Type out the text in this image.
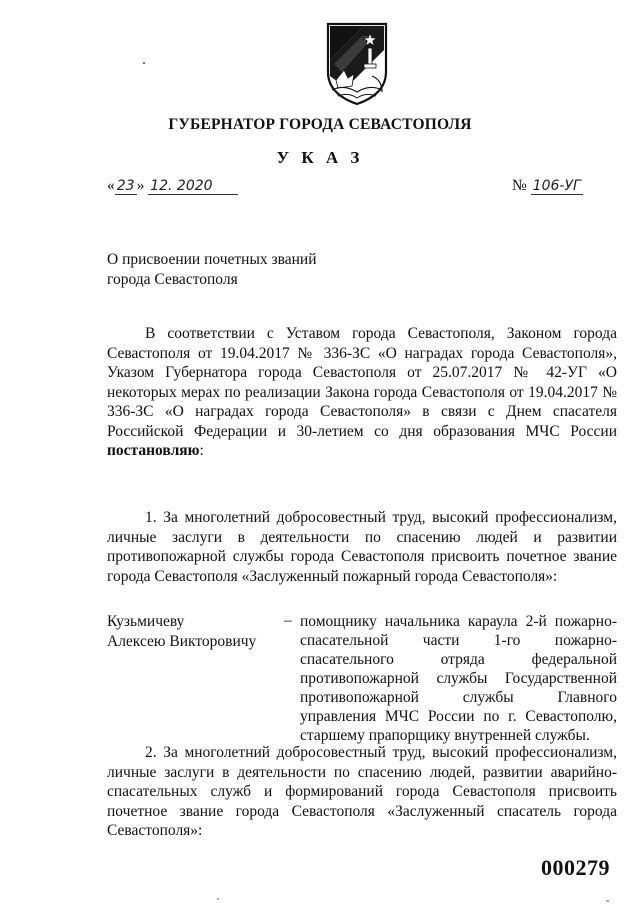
ГУБЕРНАТОР ГОРОДА СЕВАСТОПОЛЯ
У К А З
« 23 » 12. 2020	№ 106-УГ
О присвоении почетных званий
города Севастополя
В соответствии с Уставом города Севастополя, Законом города Севастополя от 19.04.2017 № 336-ЗС «О наградах города Севастополя», Указом Губернатора города Севастополя от 25.07.2017 № 42-УГ «О некоторых мерах по реализации Закона города Севастополя от 19.04.2017 № 336-ЗС «О наградах города Севастополя» в связи с Днем спасателя Российской Федерации и 30-летием со дня образования МЧС России постановляю:
1. За многолетний добросовестный труд, высокий профессионализм, личные заслуги в деятельности по спасению людей и развитии противопожарной службы города Севастополя присвоить почетное звание города Севастополя «Заслуженный пожарный города Севастополя»:
Кузьмичеву
Алексею Викторовичу
– помощнику начальника караула 2-й пожарно-спасательной части 1-го пожарно-спасательного отряда федеральной противопожарной службы Государственной противопожарной службы Главного управления МЧС России по г. Севастополю, старшему прапорщику внутренней службы.
2. За многолетний добросовестный труд, высокий профессионализм, личные заслуги в деятельности по спасению людей, развитии аварийно-спасательных служб и формирований города Севастополя присвоить почетное звание города Севастополя «Заслуженный спасатель города Севастополя»:
000279
